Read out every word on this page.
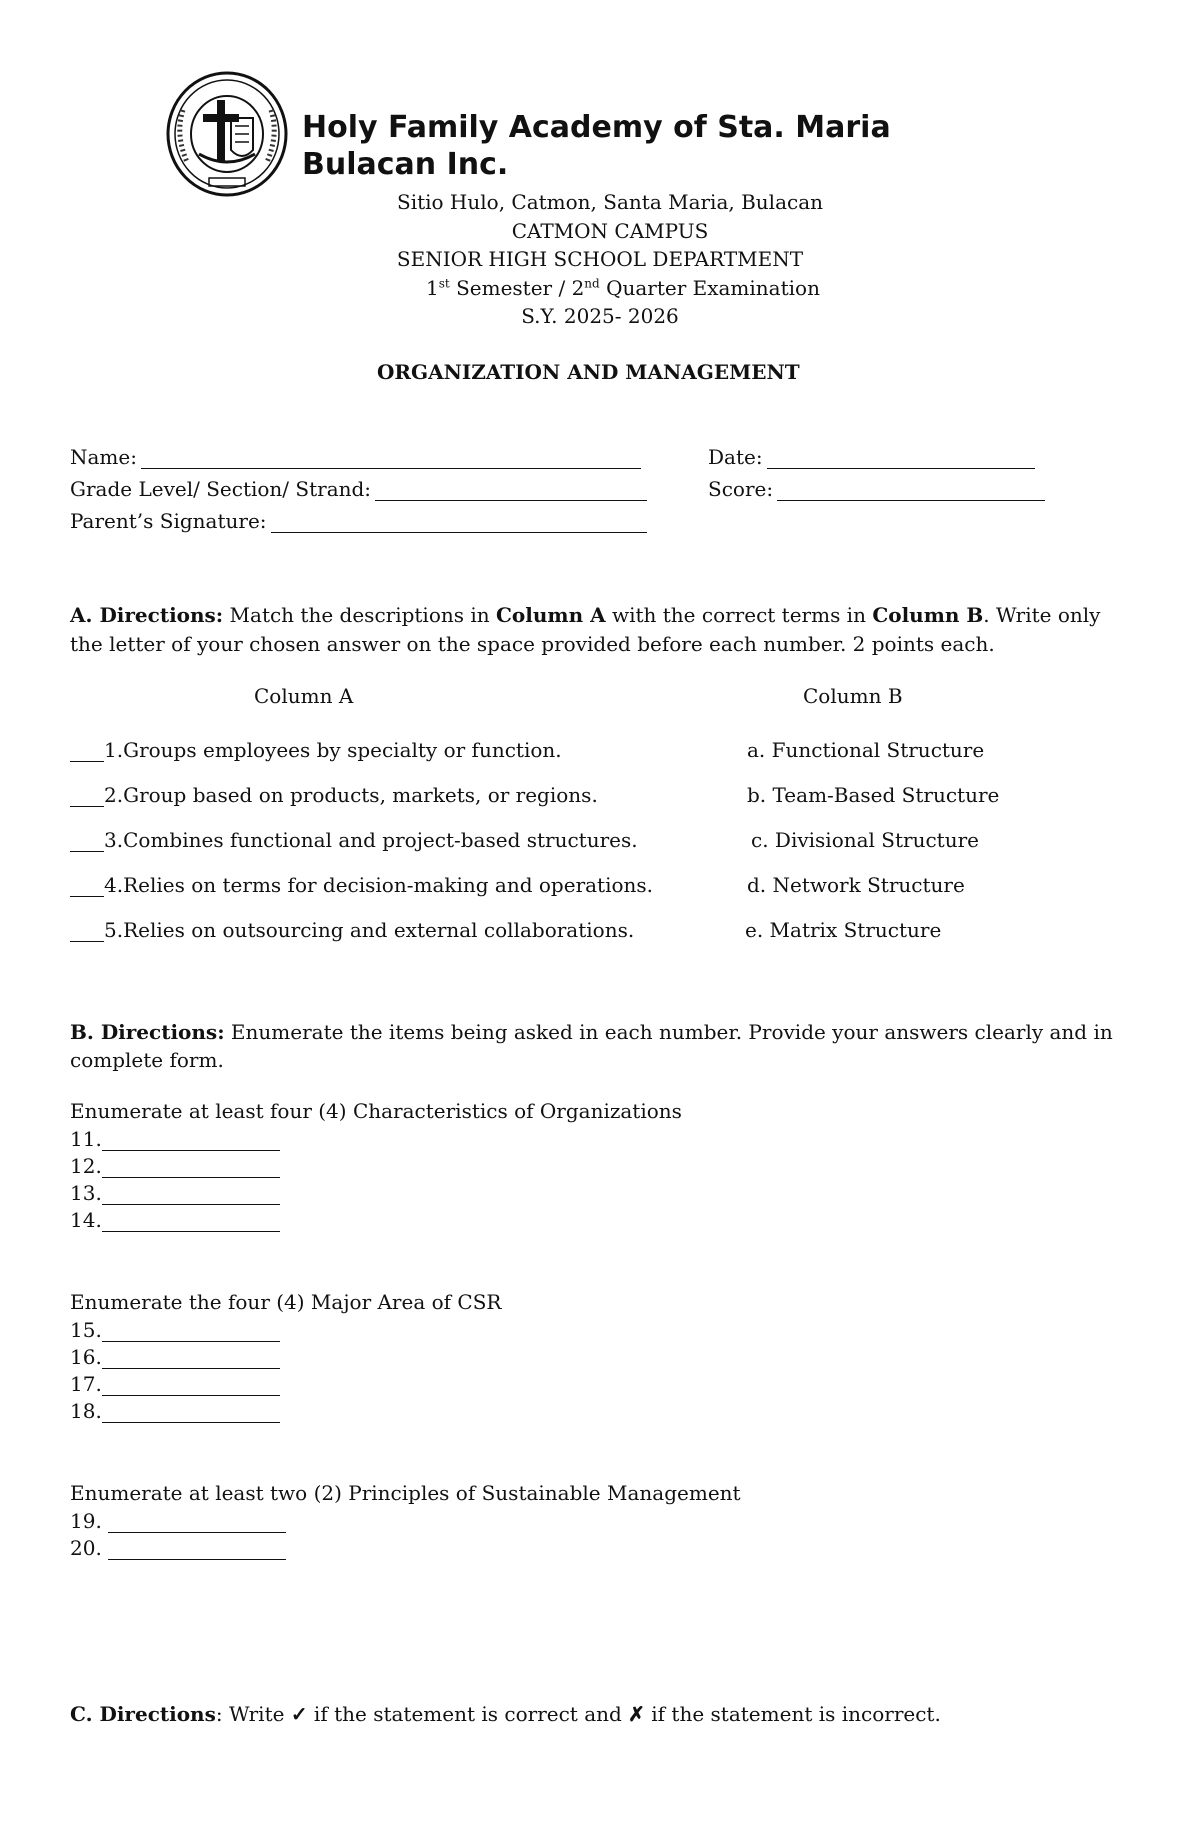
Holy Family Academy of Sta. Maria
Bulacan Inc.
Sitio Hulo, Catmon, Santa Maria, Bulacan
CATMON CAMPUS
SENIOR HIGH SCHOOL DEPARTMENT
1st Semester / 2nd Quarter Examination
S.Y. 2025- 2026
ORGANIZATION AND MANAGEMENT
Name:	Date:
Grade Level/ Section/ Strand:	Score:
Parent’s Signature:
A. Directions: Match the descriptions in Column A with the correct terms in Column B. Write only the letter of your chosen answer on the space provided before each number. 2 points each.
Column A	Column B
1.Groups employees by specialty or function.	a. Functional Structure
2.Group based on products, markets, or regions.	b. Team-Based Structure
3.Combines functional and project-based structures.	c. Divisional Structure
4.Relies on terms for decision-making and operations.	d. Network Structure
5.Relies on outsourcing and external collaborations.	e. Matrix Structure
B. Directions: Enumerate the items being asked in each number. Provide your answers clearly and in complete form.
Enumerate at least four (4) Characteristics of Organizations
11.
12.
13.
14.
Enumerate the four (4) Major Area of CSR
15.
16.
17.
18.
Enumerate at least two (2) Principles of Sustainable Management
19.
20.
C. Directions: Write ✓ if the statement is correct and ✗ if the statement is incorrect.
